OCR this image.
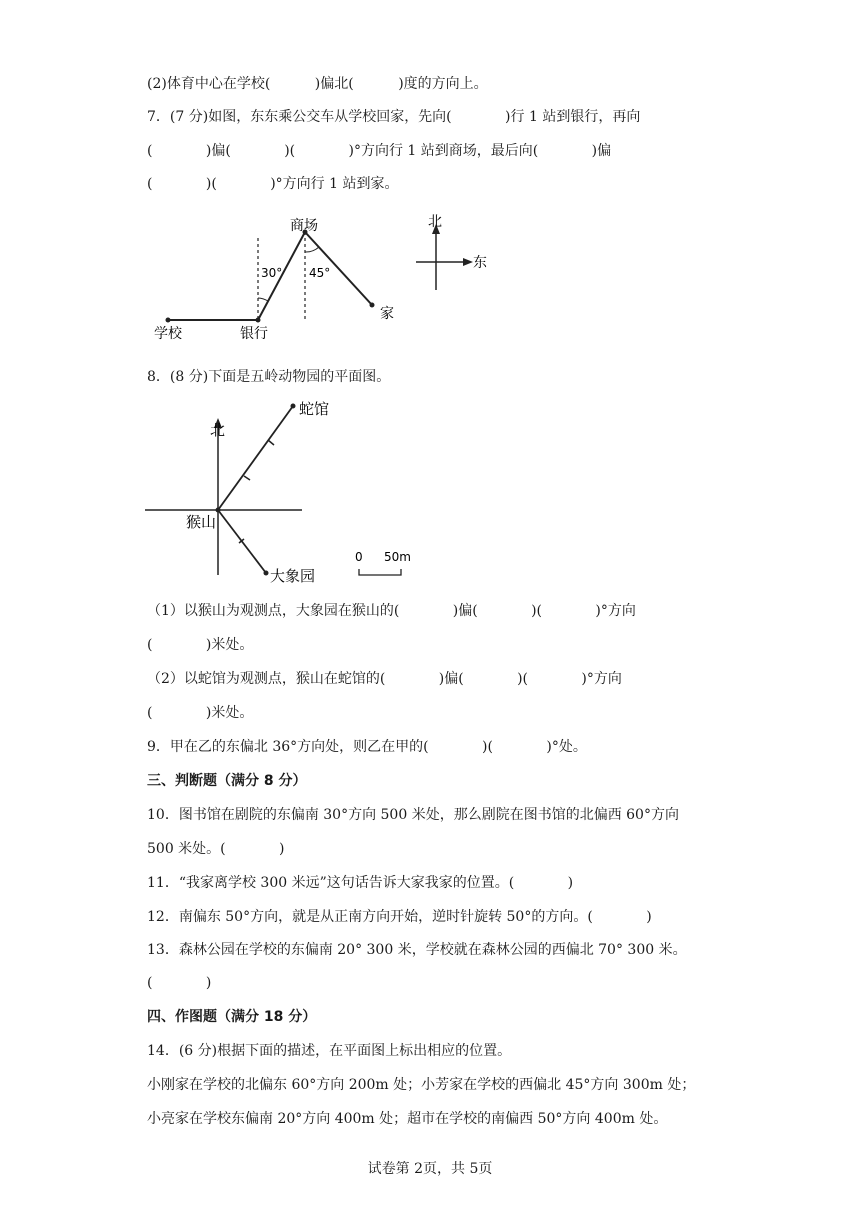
(2)体育中心在学校(          )偏北(          )度的方向上。
7．(7 分)如图，东东乘公交车从学校回家，先向(            )行 1 站到银行，再向
(            )偏(            )(            )°方向行 1 站到商场，最后向(            )偏
(            )(            )°方向行 1 站到家。
学校	银行
商场
家
30° 45°
北
东
8．(8 分)下面是五岭动物园的平面图。
北
猴山
蛇馆
大象园
0 50m
（1）以猴山为观测点，大象园在猴山的(            )偏(            )(            )°方向
(            )米处。
（2）以蛇馆为观测点，猴山在蛇馆的(            )偏(            )(            )°方向
(            )米处。
9．甲在乙的东偏北 36°方向处，则乙在甲的(            )(            )°处。
三、判断题（满分 8 分）
10．图书馆在剧院的东偏南 30°方向 500 米处，那么剧院在图书馆的北偏西 60°方向
500 米处。(            )
11．“我家离学校 300 米远”这句话告诉大家我家的位置。(            )
12．南偏东 50°方向，就是从正南方向开始，逆时针旋转 50°的方向。(            )
13．森林公园在学校的东偏南 20° 300 米，学校就在森林公园的西偏北 70° 300 米。
(            )
四、作图题（满分 18 分）
14．(6 分)根据下面的描述，在平面图上标出相应的位置。
小刚家在学校的北偏东 60°方向 200m 处；小芳家在学校的西偏北 45°方向 300m 处；
小亮家在学校东偏南 20°方向 400m 处；超市在学校的南偏西 50°方向 400m 处。
试卷第 2页，共 5页
